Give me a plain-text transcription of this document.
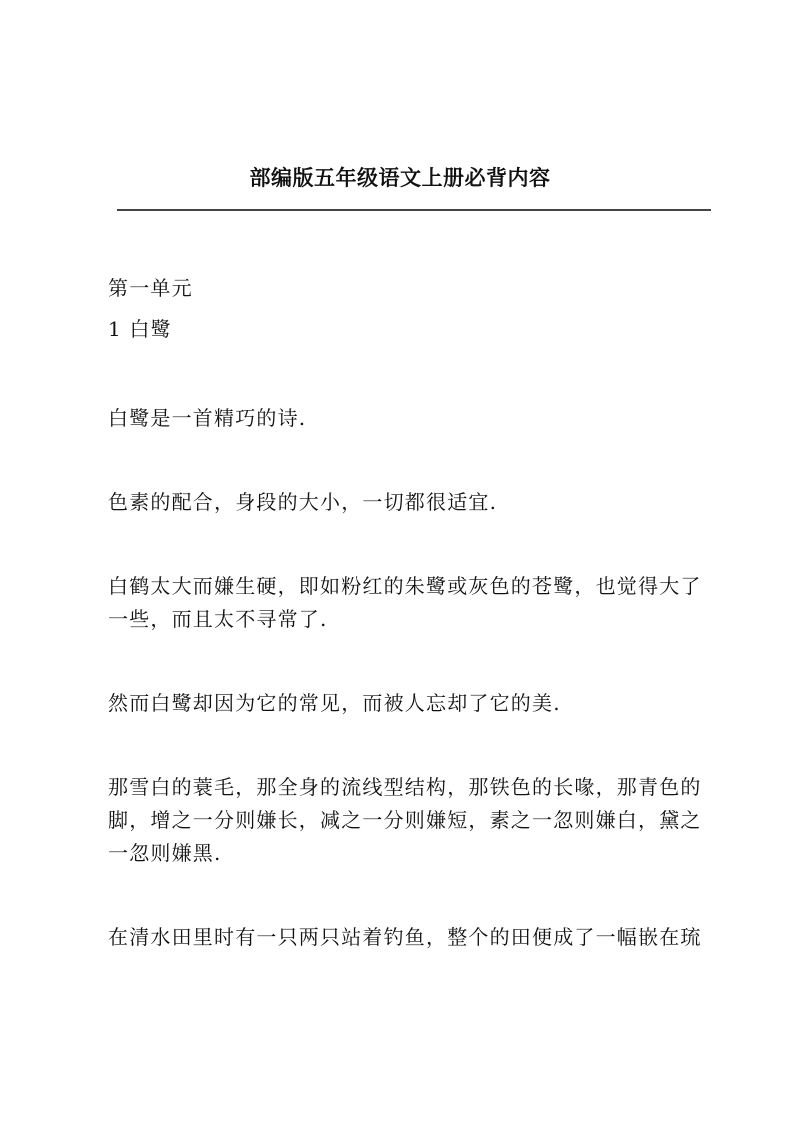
部编版五年级语文上册必背内容

第一单元

1 白鹭

白鹭是一首精巧的诗.

色素的配合，身段的大小，一切都很适宜.

白鹤太大而嫌生硬，即如粉红的朱鹭或灰色的苍鹭，也觉得大了一些，而且太不寻常了.

然而白鹭却因为它的常见，而被人忘却了它的美.

那雪白的蓑毛，那全身的流线型结构，那铁色的长喙，那青色的脚，增之一分则嫌长，减之一分则嫌短，素之一忽则嫌白，黛之一忽则嫌黑.

在清水田里时有一只两只站着钓鱼，整个的田便成了一幅嵌在琉
